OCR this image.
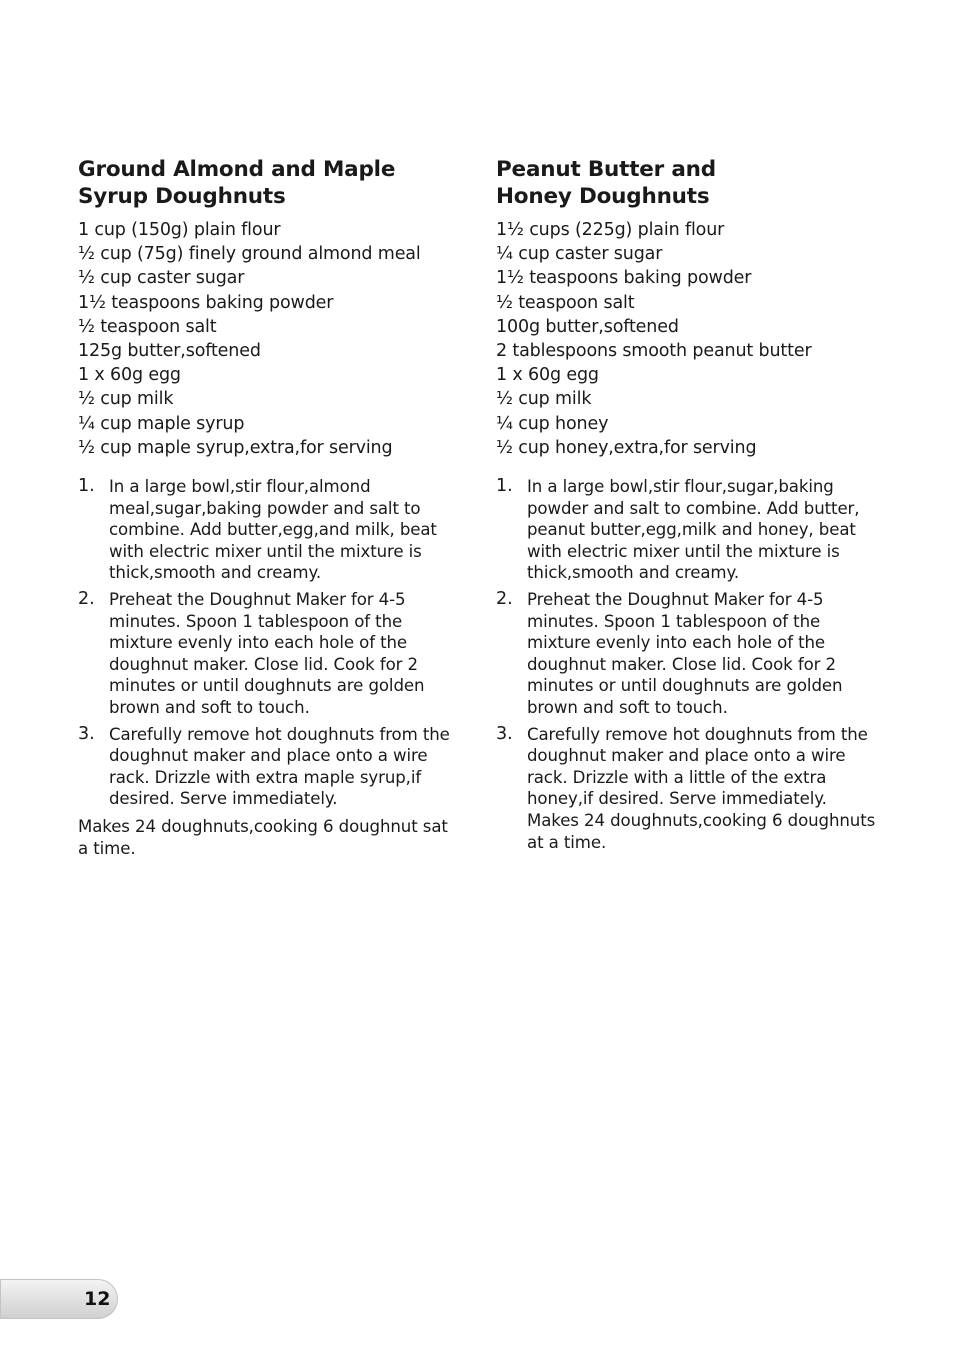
Ground Almond and Maple
Syrup Doughnuts
1 cup (150g) plain flour
½ cup (75g) finely ground almond meal
½ cup caster sugar
1½ teaspoons baking powder
½ teaspoon salt
125g butter,softened
1 x 60g egg
½ cup milk
¼ cup maple syrup
½ cup maple syrup,extra,for serving
1. In a large bowl,stir flour,almond meal,sugar,baking powder and salt to combine. Add butter,egg,and milk, beat with electric mixer until the mixture is thick,smooth and creamy.
2. Preheat the Doughnut Maker for 4-5 minutes. Spoon 1 tablespoon of the mixture evenly into each hole of the doughnut maker. Close lid. Cook for 2 minutes or until doughnuts are golden brown and soft to touch.
3. Carefully remove hot doughnuts from the doughnut maker and place onto a wire rack. Drizzle with extra maple syrup,if desired. Serve immediately.

Makes 24 doughnuts,cooking 6 doughnut sat a time.

Peanut Butter and
Honey Doughnuts
1½ cups (225g) plain flour
¼ cup caster sugar
1½ teaspoons baking powder
½ teaspoon salt
100g butter,softened
2 tablespoons smooth peanut butter
1 x 60g egg
½ cup milk
¼ cup honey
½ cup honey,extra,for serving
1. In a large bowl,stir flour,sugar,baking powder and salt to combine. Add butter, peanut butter,egg,milk and honey, beat with electric mixer until the mixture is thick,smooth and creamy.
2. Preheat the Doughnut Maker for 4-5 minutes. Spoon 1 tablespoon of the mixture evenly into each hole of the doughnut maker. Close lid. Cook for 2 minutes or until doughnuts are golden brown and soft to touch.
3. Carefully remove hot doughnuts from the doughnut maker and place onto a wire rack. Drizzle with a little of the extra honey,if desired. Serve immediately.

Makes 24 doughnuts,cooking 6 doughnuts at a time.

12
